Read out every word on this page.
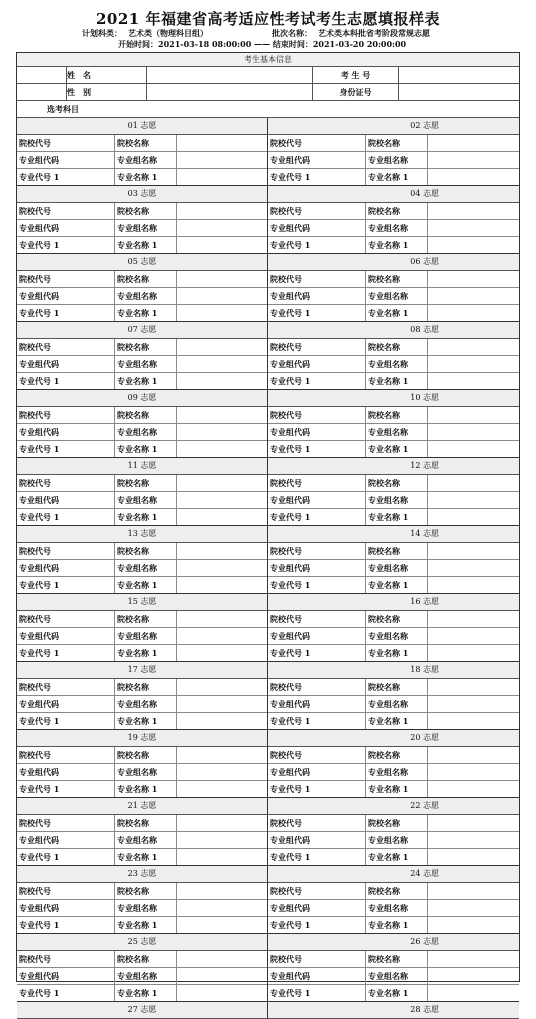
2021 年福建省高考适应性考试考生志愿填报样表
计划科类： 艺术类（物理科目组）	批次名称： 艺术类本科批省考阶段常规志愿
开始时间：2021-03-18 08:00:00 —— 结束时间：2021-03-20 20:00:00
考生基本信息
姓　名	考 生 号
性　别	身份证号
选考科目
01 志愿
院校代号	院校名称
专业组代码	专业组名称
专业代号 1	专业名称 1
02 志愿
院校代号	院校名称
专业组代码	专业组名称
专业代号 1	专业名称 1
03 志愿
院校代号	院校名称
专业组代码	专业组名称
专业代号 1	专业名称 1
04 志愿
院校代号	院校名称
专业组代码	专业组名称
专业代号 1	专业名称 1
05 志愿
院校代号	院校名称
专业组代码	专业组名称
专业代号 1	专业名称 1
06 志愿
院校代号	院校名称
专业组代码	专业组名称
专业代号 1	专业名称 1
07 志愿
院校代号	院校名称
专业组代码	专业组名称
专业代号 1	专业名称 1
08 志愿
院校代号	院校名称
专业组代码	专业组名称
专业代号 1	专业名称 1
09 志愿
院校代号	院校名称
专业组代码	专业组名称
专业代号 1	专业名称 1
10 志愿
院校代号	院校名称
专业组代码	专业组名称
专业代号 1	专业名称 1
11 志愿
院校代号	院校名称
专业组代码	专业组名称
专业代号 1	专业名称 1
12 志愿
院校代号	院校名称
专业组代码	专业组名称
专业代号 1	专业名称 1
13 志愿
院校代号	院校名称
专业组代码	专业组名称
专业代号 1	专业名称 1
14 志愿
院校代号	院校名称
专业组代码	专业组名称
专业代号 1	专业名称 1
15 志愿
院校代号	院校名称
专业组代码	专业组名称
专业代号 1	专业名称 1
16 志愿
院校代号	院校名称
专业组代码	专业组名称
专业代号 1	专业名称 1
17 志愿
院校代号	院校名称
专业组代码	专业组名称
专业代号 1	专业名称 1
18 志愿
院校代号	院校名称
专业组代码	专业组名称
专业代号 1	专业名称 1
19 志愿
院校代号	院校名称
专业组代码	专业组名称
专业代号 1	专业名称 1
20 志愿
院校代号	院校名称
专业组代码	专业组名称
专业代号 1	专业名称 1
21 志愿
院校代号	院校名称
专业组代码	专业组名称
专业代号 1	专业名称 1
22 志愿
院校代号	院校名称
专业组代码	专业组名称
专业代号 1	专业名称 1
23 志愿
院校代号	院校名称
专业组代码	专业组名称
专业代号 1	专业名称 1
24 志愿
院校代号	院校名称
专业组代码	专业组名称
专业代号 1	专业名称 1
25 志愿
院校代号	院校名称
专业组代码	专业组名称
专业代号 1	专业名称 1
26 志愿
院校代号	院校名称
专业组代码	专业组名称
专业代号 1	专业名称 1
27 志愿	28 志愿
